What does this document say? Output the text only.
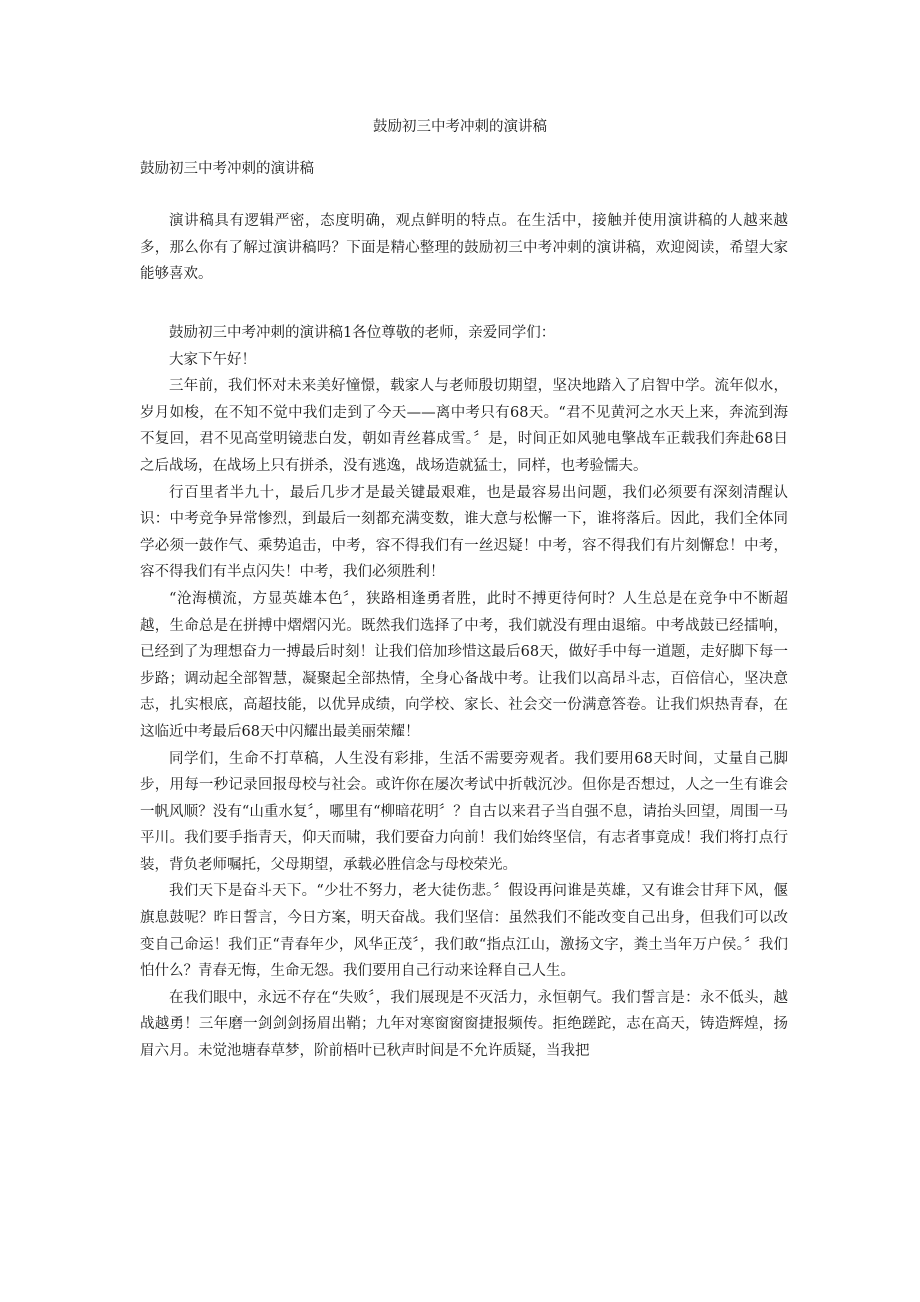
鼓励初三中考冲刺的演讲稿

鼓励初三中考冲刺的演讲稿

演讲稿具有逻辑严密，态度明确，观点鲜明的特点。在生活中，接触并使用演讲稿的人越来越多，那么你有了解过演讲稿吗？下面是精心整理的鼓励初三中考冲刺的演讲稿，欢迎阅读，希望大家能够喜欢。

鼓励初三中考冲刺的演讲稿1各位尊敬的老师，亲爱同学们：

大家下午好！

三年前，我们怀对未来美好憧憬，载家人与老师殷切期望，坚决地踏入了启智中学。流年似水，岁月如梭，在不知不觉中我们走到了今天——离中考只有68天。“君不见黄河之水天上来，奔流到海不复回，君不见高堂明镜悲白发，朝如青丝暮成雪。〞是，时间正如风驰电擎战车正载我们奔赴68日之后战场，在战场上只有拼杀，没有逃逸，战场造就猛士，同样，也考验懦夫。

行百里者半九十，最后几步才是最关键最艰难，也是最容易出问题，我们必须要有深刻清醒认识：中考竞争异常惨烈，到最后一刻都充满变数，谁大意与松懈一下，谁将落后。因此，我们全体同学必须一鼓作气、乘势追击，中考，容不得我们有一丝迟疑！中考，容不得我们有片刻懈怠！中考，容不得我们有半点闪失！中考，我们必须胜利！

“沧海横流，方显英雄本色〞，狭路相逢勇者胜，此时不搏更待何时？人生总是在竞争中不断超越，生命总是在拼搏中熠熠闪光。既然我们选择了中考，我们就没有理由退缩。中考战鼓已经擂响，已经到了为理想奋力一搏最后时刻！让我们倍加珍惜这最后68天，做好手中每一道题，走好脚下每一步路；调动起全部智慧，凝聚起全部热情，全身心备战中考。让我们以高昂斗志，百倍信心，坚决意志，扎实根底，高超技能，以优异成绩，向学校、家长、社会交一份满意答卷。让我们炽热青春，在这临近中考最后68天中闪耀出最美丽荣耀！

同学们，生命不打草稿，人生没有彩排，生活不需要旁观者。我们要用68天时间，丈量自己脚步，用每一秒记录回报母校与社会。或许你在屡次考试中折戟沉沙。但你是否想过，人之一生有谁会一帆风顺？没有“山重水复〞，哪里有“柳暗花明〞？自古以来君子当自强不息，请抬头回望，周围一马平川。我们要手指青天，仰天而啸，我们要奋力向前！我们始终坚信，有志者事竟成！我们将打点行装，背负老师嘱托，父母期望，承载必胜信念与母校荣光。

我们天下是奋斗天下。“少壮不努力，老大徒伤悲。〞假设再问谁是英雄，又有谁会甘拜下风，偃旗息鼓呢？昨日誓言，今日方案，明天奋战。我们坚信：虽然我们不能改变自己出身，但我们可以改变自己命运！我们正“青春年少，风华正茂〞，我们敢“指点江山，激扬文字，粪土当年万户侯。〞我们怕什么？青春无悔，生命无怨。我们要用自己行动来诠释自己人生。

在我们眼中，永远不存在“失败〞，我们展现是不灭活力，永恒朝气。我们誓言是：永不低头，越战越勇！三年磨一剑剑剑扬眉出鞘；九年对寒窗窗窗捷报频传。拒绝蹉跎，志在高天，铸造辉煌，扬眉六月。未觉池塘春草梦，阶前梧叶已秋声时间是不允许质疑，当我把
